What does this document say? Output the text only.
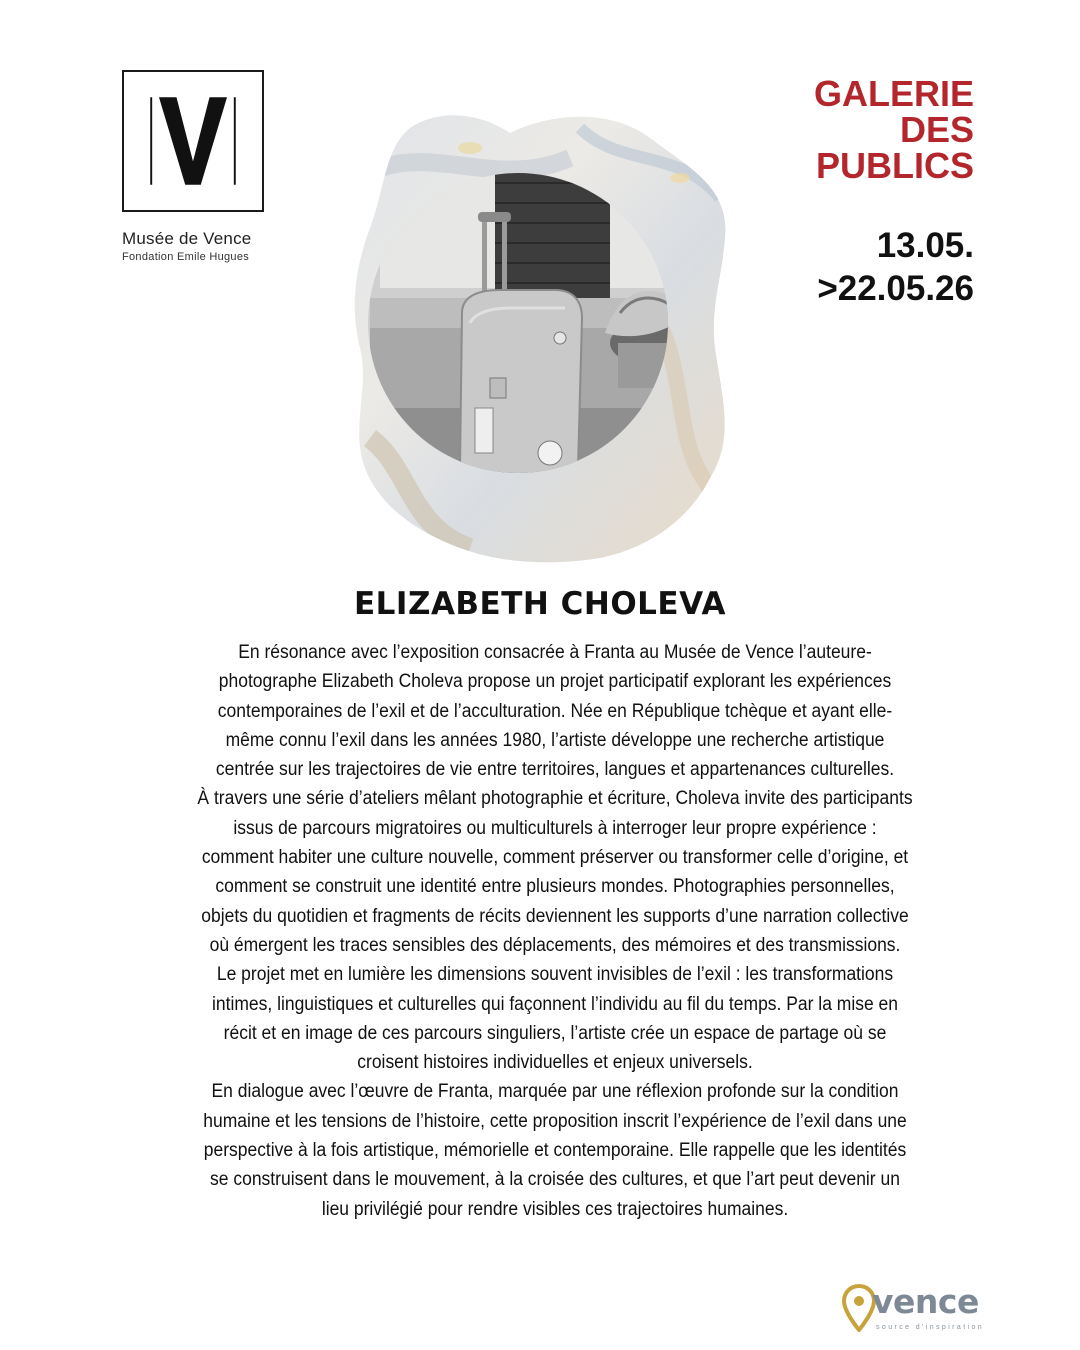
Musée de Vence
Fondation Emile Hugues
GALERIE
DES
PUBLICS
13.05.
>22.05.26
ELIZABETH CHOLEVA

En résonance avec l’exposition consacrée à Franta au Musée de Vence l’auteure-photographe Elizabeth Choleva propose un projet participatif explorant les expériences contemporaines de l’exil et de l’acculturation. Née en République tchèque et ayant elle-même connu l’exil dans les années 1980, l’artiste développe une recherche artistique centrée sur les trajectoires de vie entre territoires, langues et appartenances culturelles.

À travers une série d’ateliers mêlant photographie et écriture, Choleva invite des participants issus de parcours migratoires ou multiculturels à interroger leur propre expérience : comment habiter une culture nouvelle, comment préserver ou transformer celle d’origine, et comment se construit une identité entre plusieurs mondes. Photographies personnelles, objets du quotidien et fragments de récits deviennent les supports d’une narration collective où émergent les traces sensibles des déplacements, des mémoires et des transmissions.

Le projet met en lumière les dimensions souvent invisibles de l’exil : les transformations intimes, linguistiques et culturelles qui façonnent l’individu au fil du temps. Par la mise en récit et en image de ces parcours singuliers, l’artiste crée un espace de partage où se croisent histoires individuelles et enjeux universels.

En dialogue avec l’œuvre de Franta, marquée par une réflexion profonde sur la condition humaine et les tensions de l’histoire, cette proposition inscrit l’expérience de l’exil dans une perspective à la fois artistique, mémorielle et contemporaine. Elle rappelle que les identités se construisent dans le mouvement, à la croisée des cultures, et que l’art peut devenir un lieu privilégié pour rendre visibles ces trajectoires humaines.

vence
source d'inspiration
